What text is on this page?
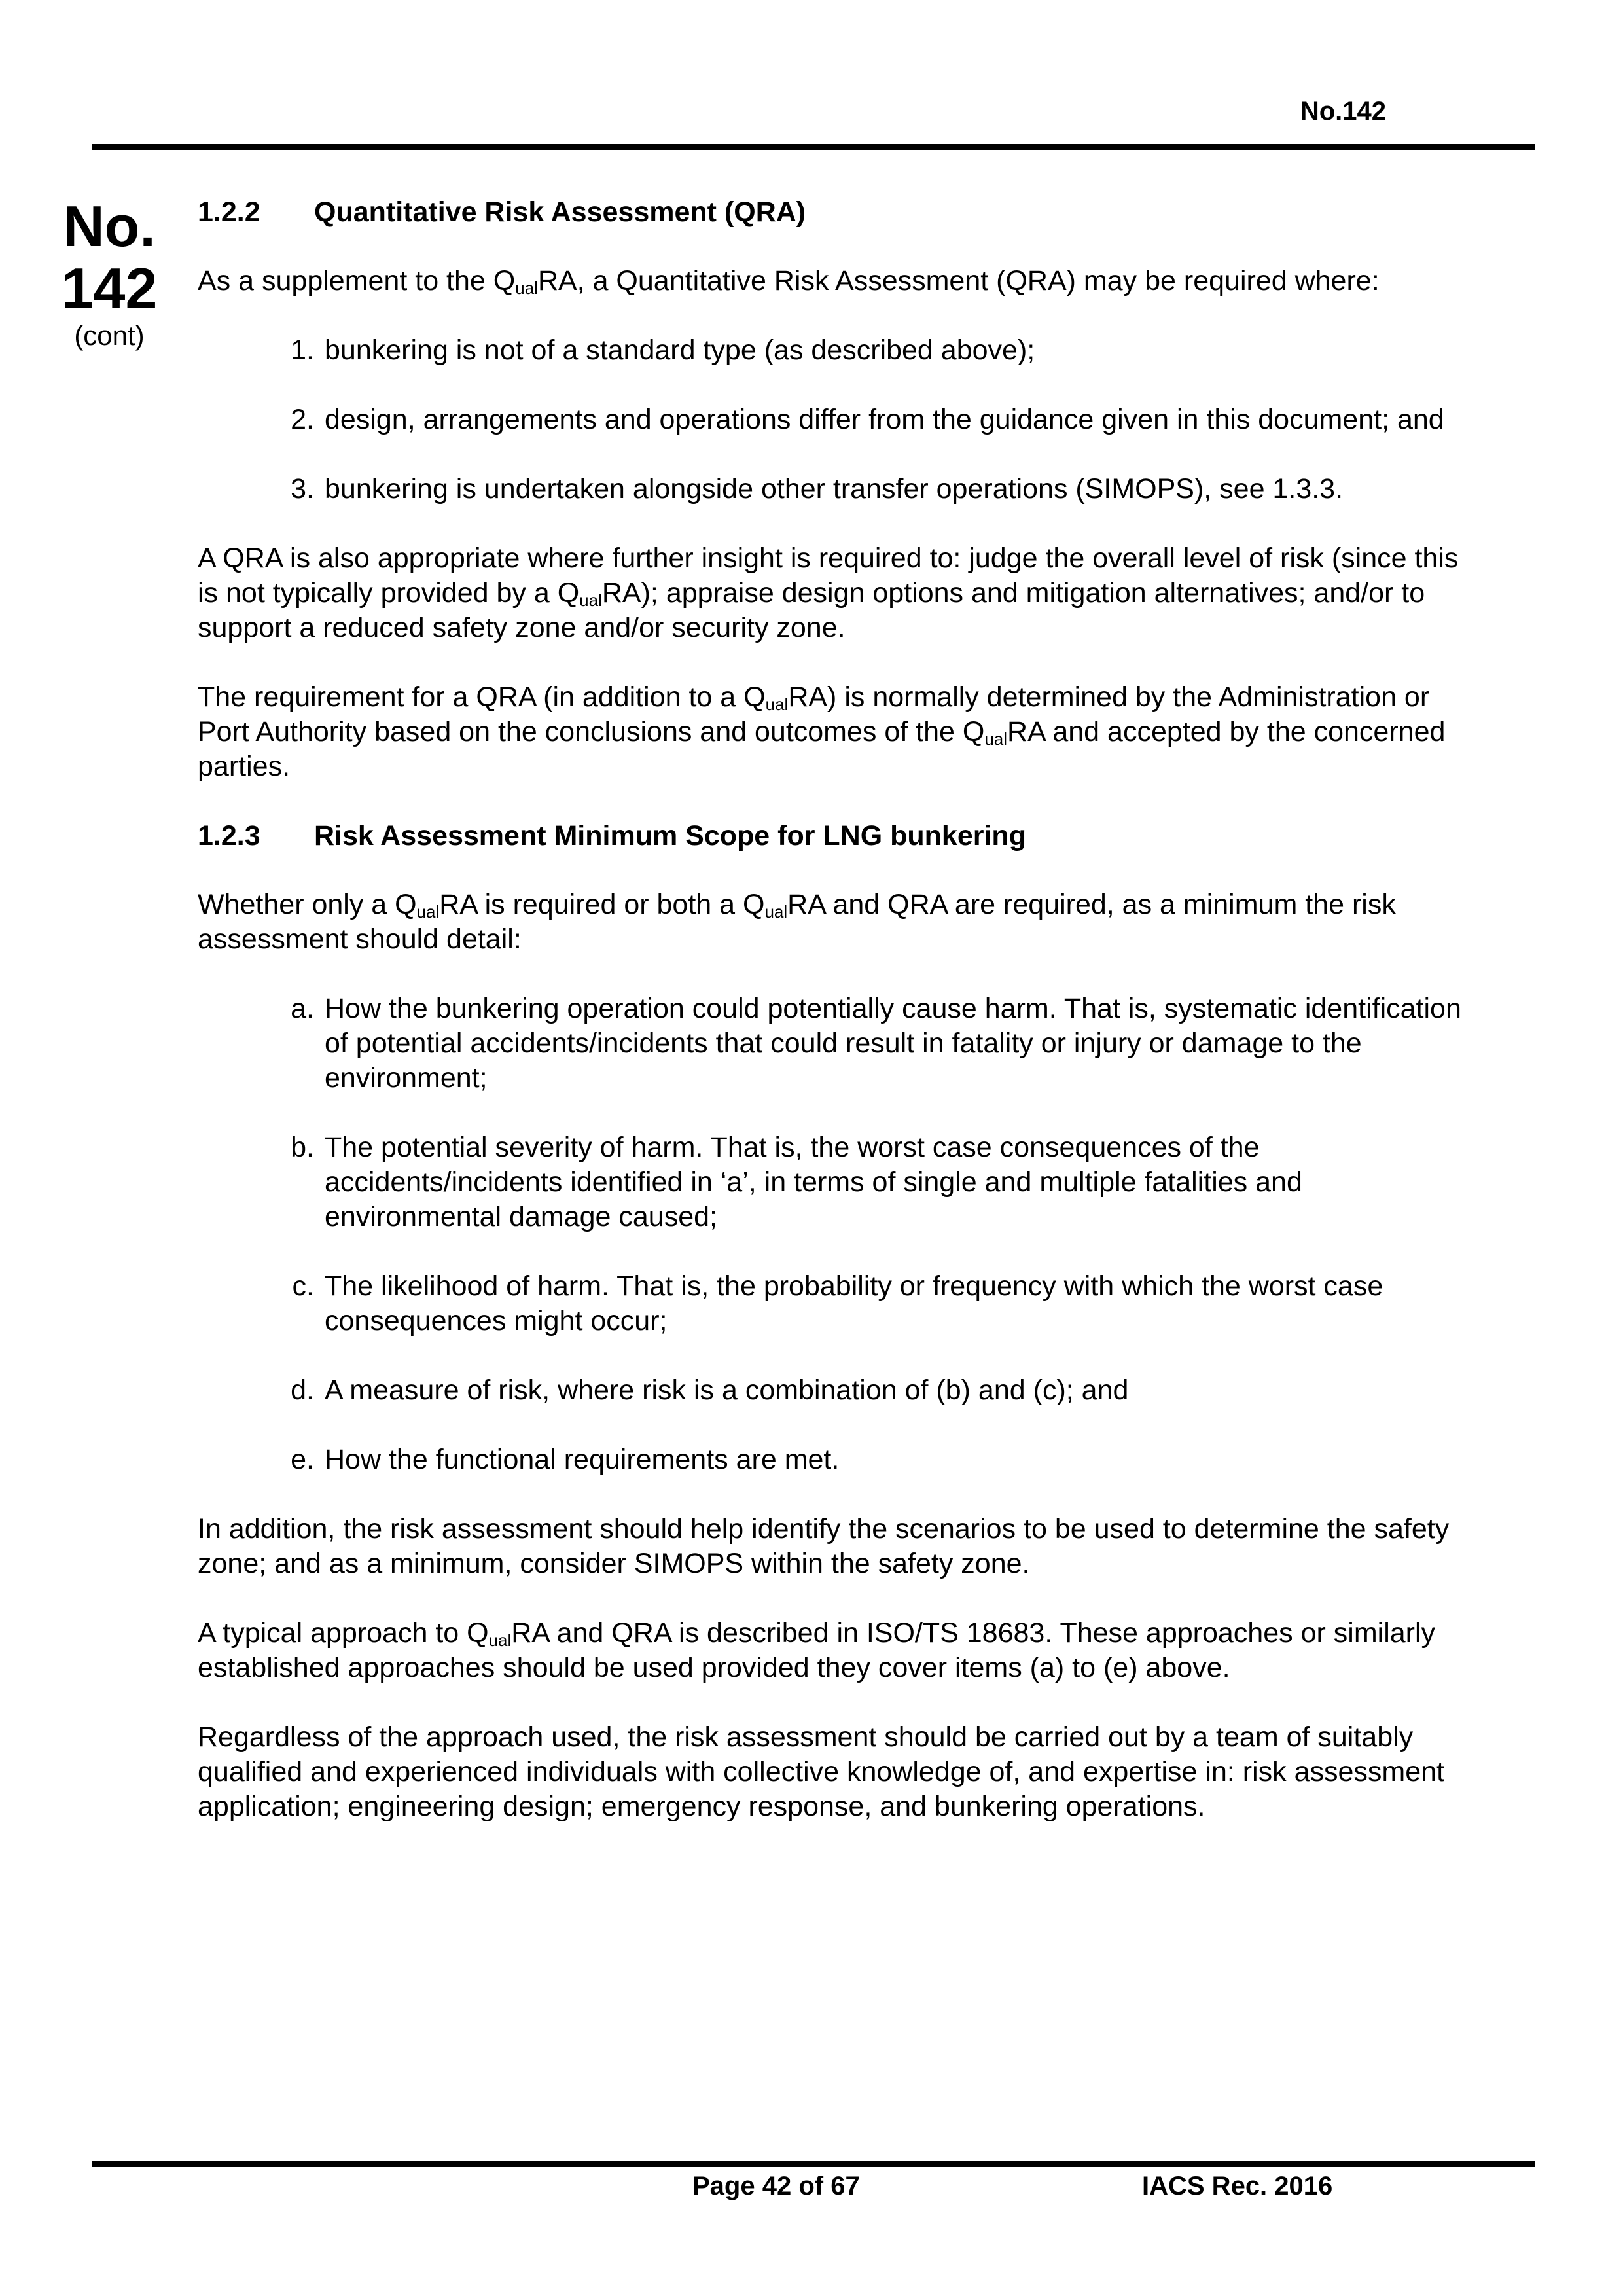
No.142
No.
142
(cont)
1.2.2 Quantitative Risk Assessment (QRA)

As a supplement to the $Q_{ual}RA$, a Quantitative Risk Assessment (QRA) may be required where:

1. bunkering is not of a standard type (as described above);
2. design, arrangements and operations differ from the guidance given in this document; and
3. bunkering is undertaken alongside other transfer operations (SIMOPS), see 1.3.3.

A QRA is also appropriate where further insight is required to: judge the overall level of risk (since this is not typically provided by a $Q_{ual}RA$); appraise design options and mitigation alternatives; and/or to support a reduced safety zone and/or security zone.

The requirement for a QRA (in addition to a $Q_{ual}RA$) is normally determined by the Administration or Port Authority based on the conclusions and outcomes of the $Q_{ual}RA$ and accepted by the concerned parties.

1.2.3 Risk Assessment Minimum Scope for LNG bunkering

Whether only a $Q_{ual}RA$ is required or both a $Q_{ual}RA$ and QRA are required, as a minimum the risk assessment should detail:

a. How the bunkering operation could potentially cause harm. That is, systematic identification of potential accidents/incidents that could result in fatality or injury or damage to the environment;
b. The potential severity of harm. That is, the worst case consequences of the accidents/incidents identified in ‘a’, in terms of single and multiple fatalities and environmental damage caused;
c. The likelihood of harm. That is, the probability or frequency with which the worst case consequences might occur;
d. A measure of risk, where risk is a combination of (b) and (c); and
e. How the functional requirements are met.

In addition, the risk assessment should help identify the scenarios to be used to determine the safety zone; and as a minimum, consider SIMOPS within the safety zone.

A typical approach to $Q_{ual}RA$ and QRA is described in ISO/TS 18683. These approaches or similarly established approaches should be used provided they cover items (a) to (e) above.

Regardless of the approach used, the risk assessment should be carried out by a team of suitably qualified and experienced individuals with collective knowledge of, and expertise in: risk assessment application; engineering design; emergency response, and bunkering operations.

Page 42 of 67	IACS Rec. 2016
